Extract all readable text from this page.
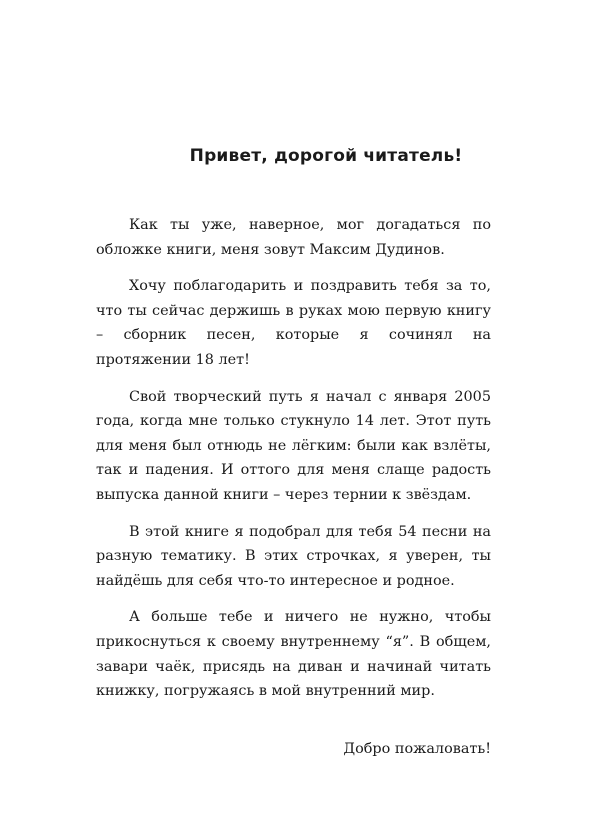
Привет, дорогой читатель!

Как ты уже, наверное, мог догадаться по обложке книги, меня зовут Максим Дудинов.

Хочу поблагодарить и поздравить тебя за то, что ты сейчас держишь в руках мою первую книгу – сборник песен, которые я сочинял на протяжении 18 лет!

Свой творческий путь я начал с января 2005 года, когда мне только стукнуло 14 лет. Этот путь для меня был отнюдь не лёгким: были как взлёты, так и падения. И оттого для меня слаще радость выпуска данной книги – через тернии к звёздам.

В этой книге я подобрал для тебя 54 песни на разную тематику. В этих строчках, я уверен, ты найдёшь для себя что-то интересное и родное.

А больше тебе и ничего не нужно, чтобы прикоснуться к своему внутреннему “я”. В общем, завари чаёк, присядь на диван и начинай читать книжку, погружаясь в мой внутренний мир.

Добро пожаловать!
